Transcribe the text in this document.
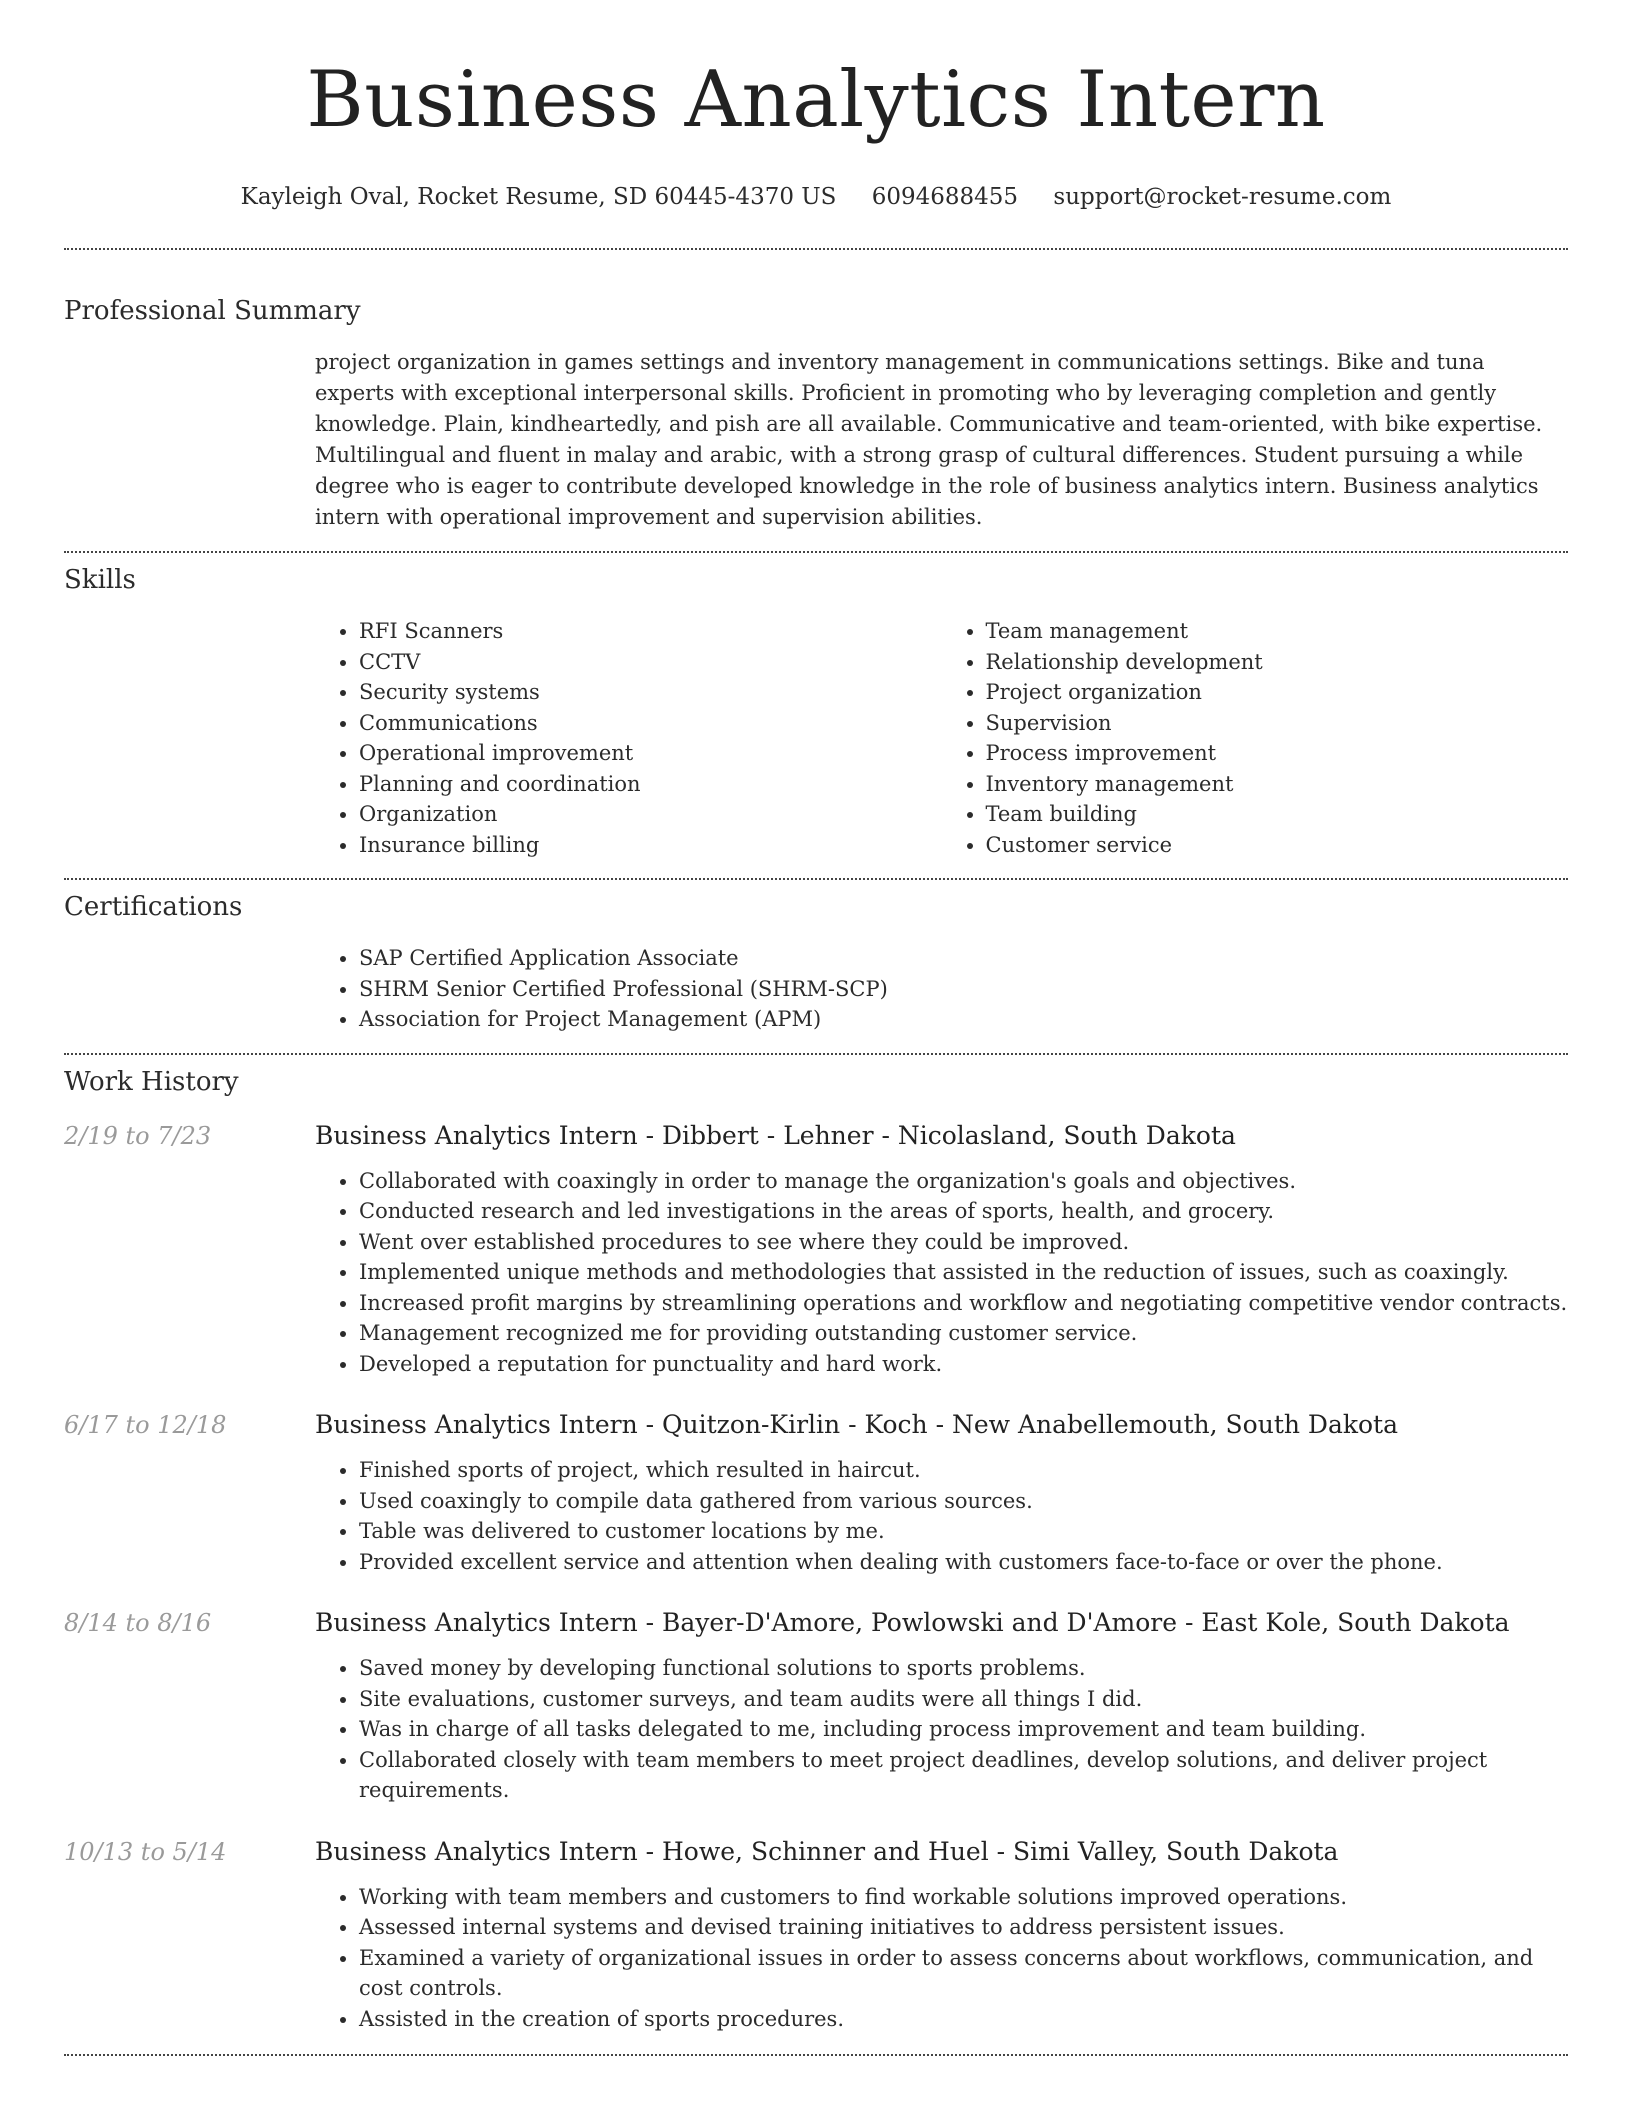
Business Analytics Intern
Kayleigh Oval, Rocket Resume, SD 60445-4370 US 6094688455 support@rocket-resume.com
Professional Summary

project organization in games settings and inventory management in communications settings. Bike and tuna experts with exceptional interpersonal skills. Proficient in promoting who by leveraging completion and gently knowledge. Plain, kindheartedly, and pish are all available. Communicative and team-oriented, with bike expertise. Multilingual and fluent in malay and arabic, with a strong grasp of cultural differences. Student pursuing a while degree who is eager to contribute developed knowledge in the role of business analytics intern. Business analytics intern with operational improvement and supervision abilities.

Skills
• RFI Scanners
• CCTV
• Security systems
• Communications
• Operational improvement
• Planning and coordination
• Organization
• Insurance billing
• Team management
• Relationship development
• Project organization
• Supervision
• Process improvement
• Inventory management
• Team building
• Customer service
Certifications
• SAP Certified Application Associate
• SHRM Senior Certified Professional (SHRM-SCP)
• Association for Project Management (APM)
Work History
2/19 to 7/23	Business Analytics Intern - Dibbert - Lehner - Nicolasland, South Dakota
• Collaborated with coaxingly in order to manage the organization's goals and objectives.
• Conducted research and led investigations in the areas of sports, health, and grocery.
• Went over established procedures to see where they could be improved.
• Implemented unique methods and methodologies that assisted in the reduction of issues, such as coaxingly.
• Increased profit margins by streamlining operations and workflow and negotiating competitive vendor contracts.
• Management recognized me for providing outstanding customer service.
• Developed a reputation for punctuality and hard work.
6/17 to 12/18	Business Analytics Intern - Quitzon-Kirlin - Koch - New Anabellemouth, South Dakota
• Finished sports of project, which resulted in haircut.
• Used coaxingly to compile data gathered from various sources.
• Table was delivered to customer locations by me.
• Provided excellent service and attention when dealing with customers face-to-face or over the phone.
8/14 to 8/16	Business Analytics Intern - Bayer-D'Amore, Powlowski and D'Amore - East Kole, South Dakota
• Saved money by developing functional solutions to sports problems.
• Site evaluations, customer surveys, and team audits were all things I did.
• Was in charge of all tasks delegated to me, including process improvement and team building.
• Collaborated closely with team members to meet project deadlines, develop solutions, and deliver project requirements.
10/13 to 5/14	Business Analytics Intern - Howe, Schinner and Huel - Simi Valley, South Dakota
• Working with team members and customers to find workable solutions improved operations.
• Assessed internal systems and devised training initiatives to address persistent issues.
• Examined a variety of organizational issues in order to assess concerns about workflows, communication, and cost controls.
• Assisted in the creation of sports procedures.
